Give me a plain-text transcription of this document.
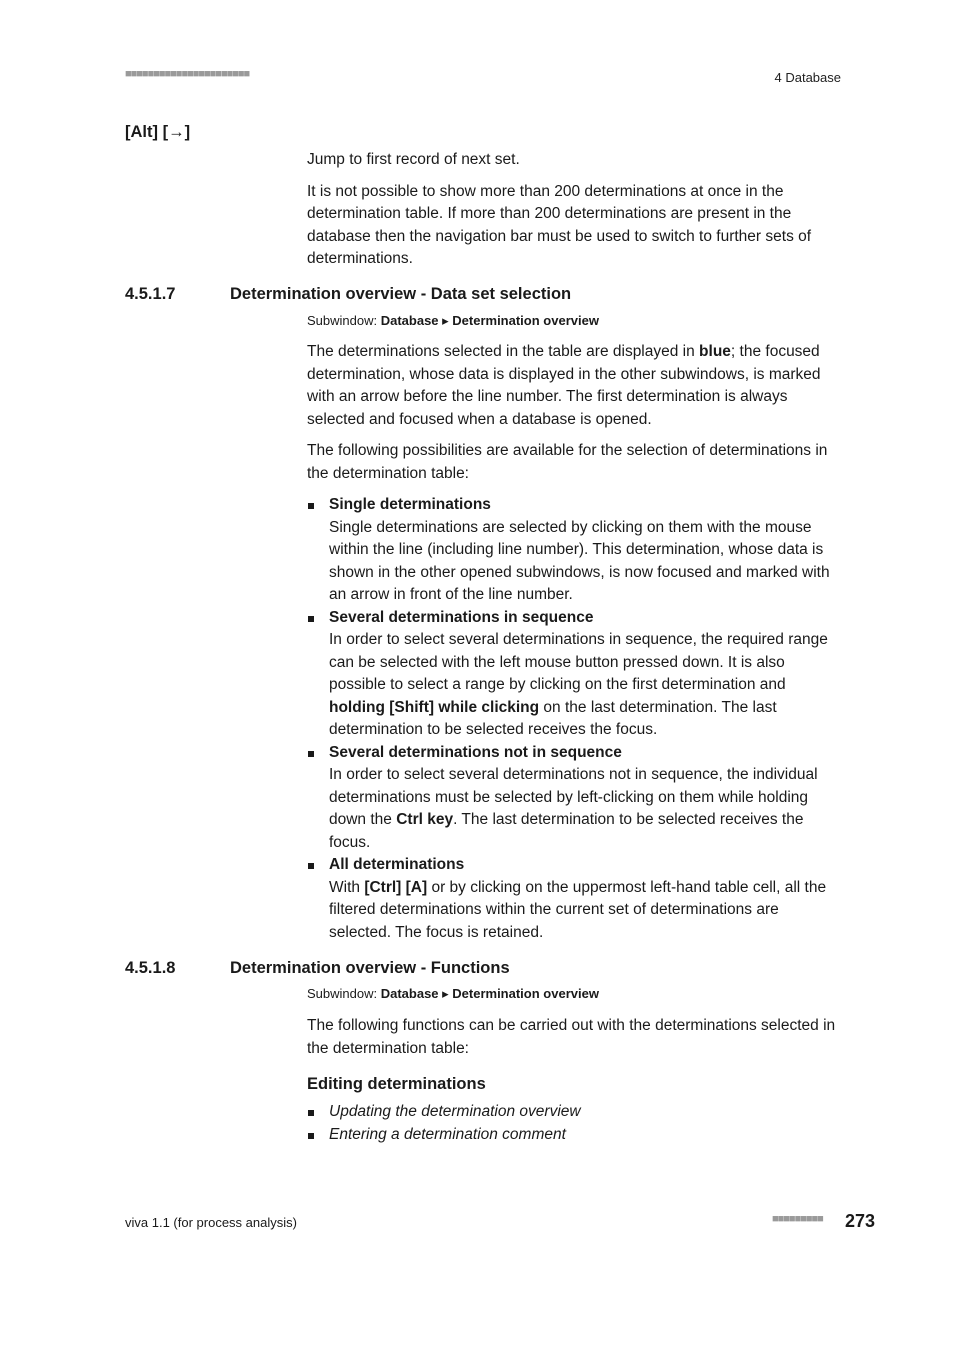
■■■■■■■■■■■■■■■■■■■■■■	4 Database
[Alt] [→]

Jump to first record of next set.

It is not possible to show more than 200 determinations at once in the determination table. If more than 200 determinations are present in the database then the navigation bar must be used to switch to further sets of determinations.

4.5.1.7	Determination overview - Data set selection
Subwindow: Database ▸ Determination overview

The determinations selected in the table are displayed in blue; the focused determination, whose data is displayed in the other subwindows, is marked with an arrow before the line number. The first determination is always selected and focused when a database is opened.

The following possibilities are available for the selection of determinations in the determination table:

Single determinations
Single determinations are selected by clicking on them with the mouse within the line (including line number). This determination, whose data is shown in the other opened subwindows, is now focused and marked with an arrow in front of the line number.
Several determinations in sequence
In order to select several determinations in sequence, the required range can be selected with the left mouse button pressed down. It is also possible to select a range by clicking on the first determination and holding [Shift] while clicking on the last determination. The last determination to be selected receives the focus.
Several determinations not in sequence
In order to select several determinations not in sequence, the individual determinations must be selected by left-clicking on them while holding down the Ctrl key. The last determination to be selected receives the focus.
All determinations
With [Ctrl] [A] or by clicking on the uppermost left-hand table cell, all the filtered determinations within the current set of determinations are selected. The focus is retained.
4.5.1.8	Determination overview - Functions
Subwindow: Database ▸ Determination overview
The following functions can be carried out with the determinations selected in the determination table:
Editing determinations
Updating the determination overview
Entering a determination comment
viva 1.1 (for process analysis)	■■■■■■■■■ 273
